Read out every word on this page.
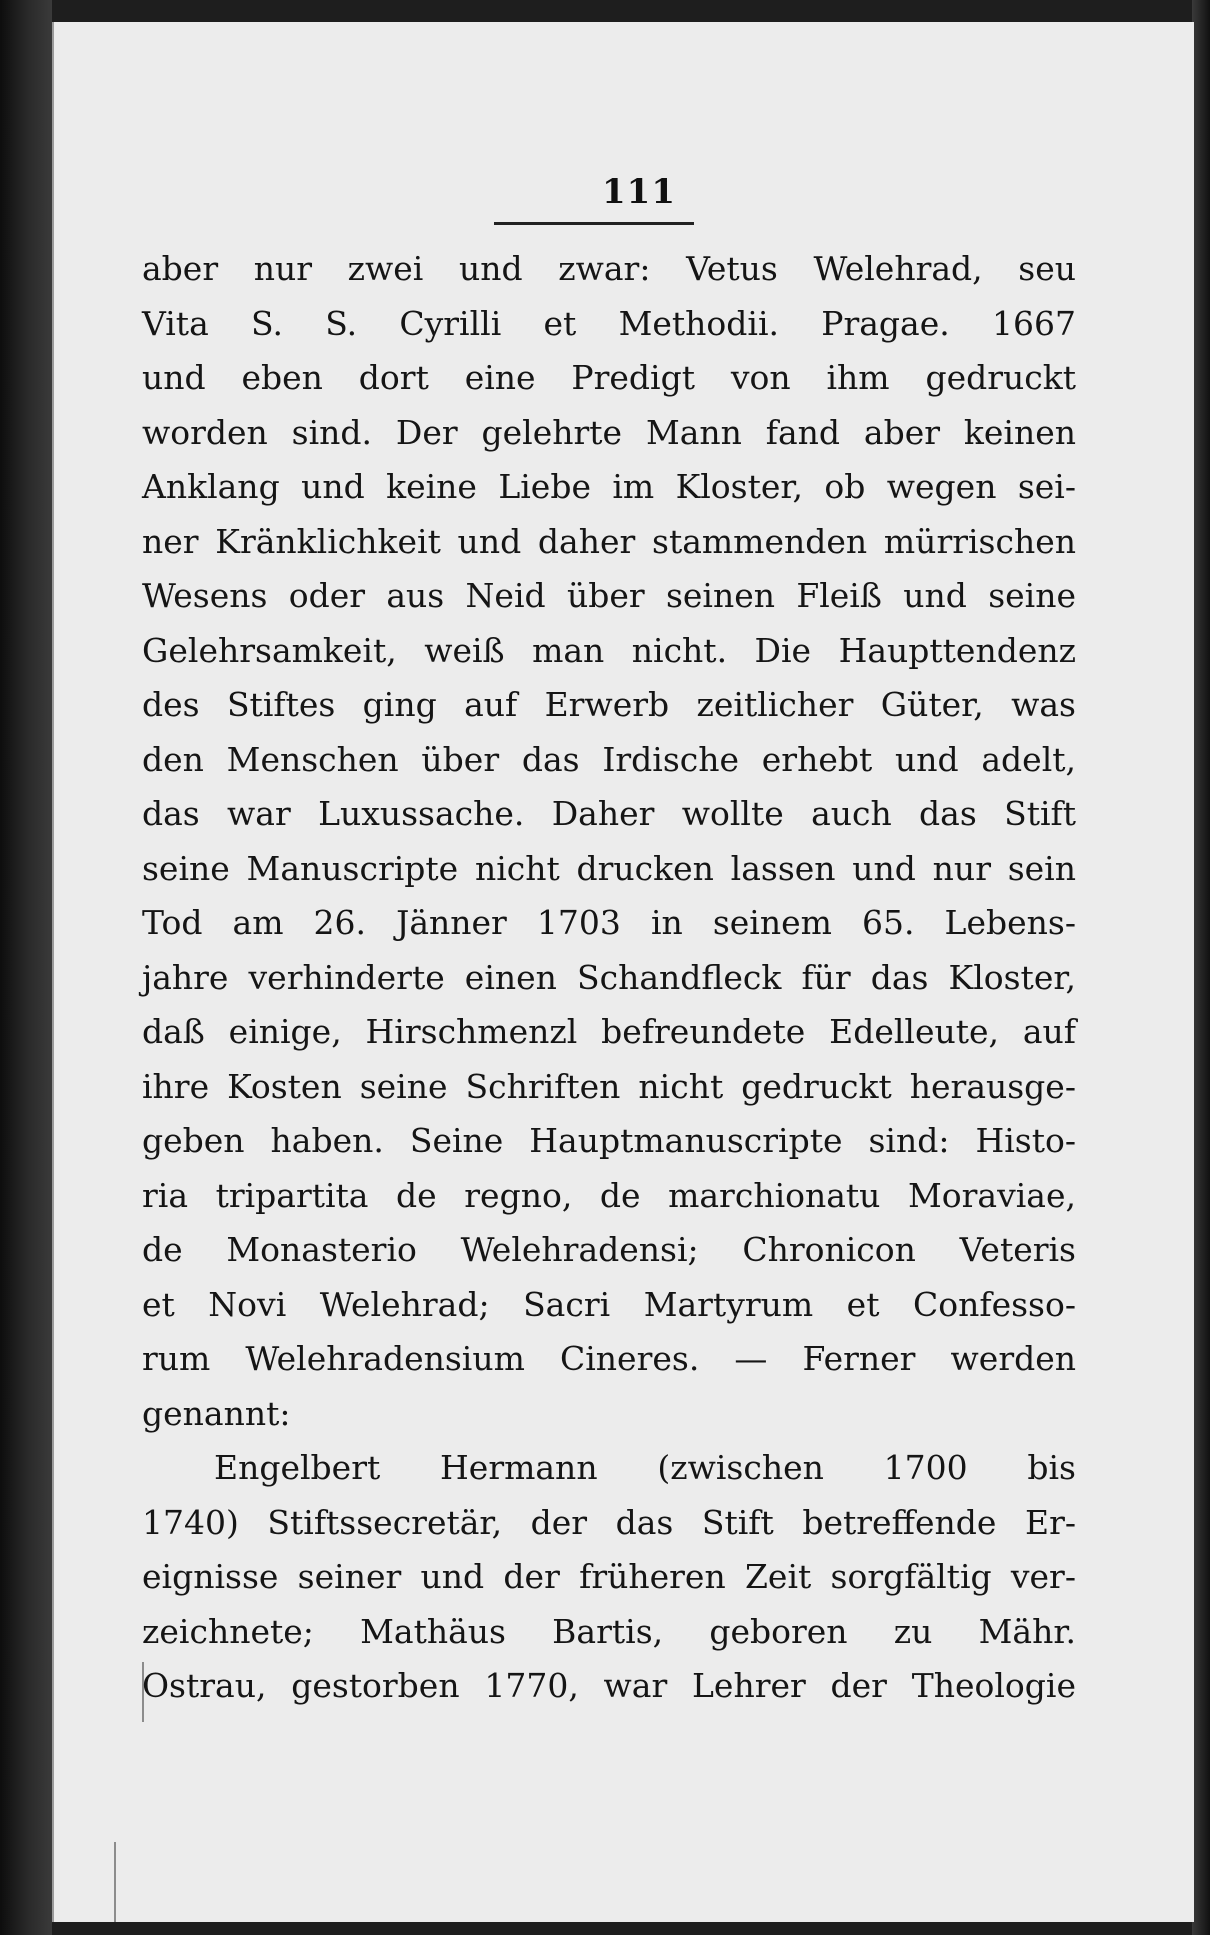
111
aber nur zwei und zwar: Vetus Welehrad, seu
Vita S. S. Cyrilli et Methodii. Pragae. 1667
und eben dort eine Predigt von ihm gedruckt
worden sind. Der gelehrte Mann fand aber keinen
Anklang und keine Liebe im Kloster, ob wegen sei-
ner Kränklichkeit und daher stammenden mürrischen
Wesens oder aus Neid über seinen Fleiß und seine
Gelehrsamkeit, weiß man nicht. Die Haupttendenz
des Stiftes ging auf Erwerb zeitlicher Güter, was
den Menschen über das Irdische erhebt und adelt,
das war Luxussache. Daher wollte auch das Stift
seine Manuscripte nicht drucken lassen und nur sein
Tod am 26. Jänner 1703 in seinem 65. Lebens-
jahre verhinderte einen Schandfleck für das Kloster,
daß einige, Hirschmenzl befreundete Edelleute, auf
ihre Kosten seine Schriften nicht gedruckt herausge-
geben haben. Seine Hauptmanuscripte sind: Histo-
ria tripartita de regno, de marchionatu Moraviae,
de Monasterio Welehradensi; Chronicon Veteris
et Novi Welehrad; Sacri Martyrum et Confesso-
rum Welehradensium Cineres. — Ferner werden
genannt:
Engelbert Hermann (zwischen 1700 bis
1740) Stiftssecretär, der das Stift betreffende Er-
eignisse seiner und der früheren Zeit sorgfältig ver-
zeichnete; Mathäus Bartis, geboren zu Mähr.
Ostrau, gestorben 1770, war Lehrer der Theologie
